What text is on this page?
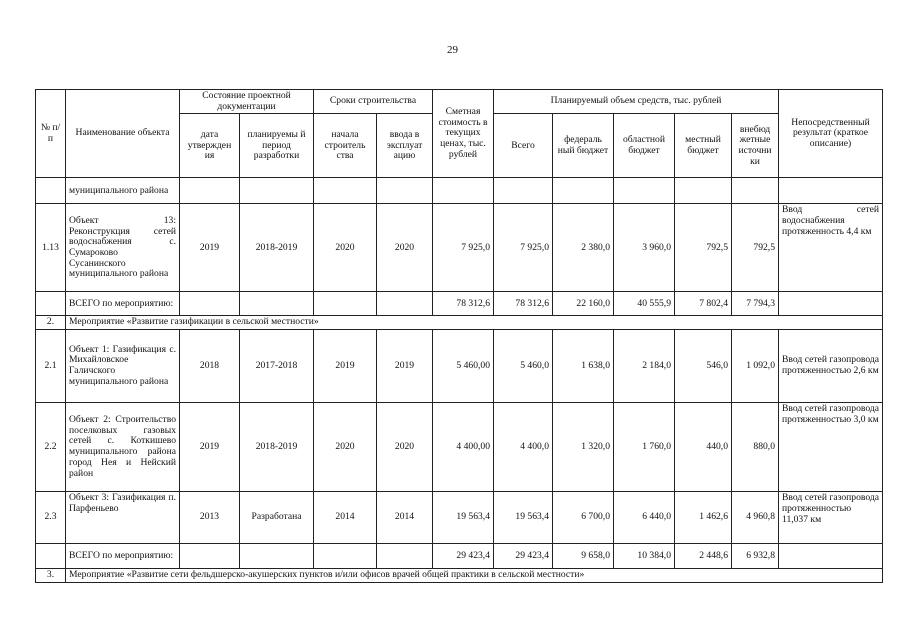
29
№ п/п	Наименование объекта	Состояние проектной документации		Сроки строительства		Сметная стоимость в текущих ценах, тыс. рублей	Планируемый объем средств, тыс. рублей					Непосредственный результат (краткое описание)
		дата утвержден ия	планируемы й период разработки	начала строитель ства	ввода в эксплуат ацию		Всего	федераль ный бюджет	областной бюджет	местный бюджет	внебюд жетные источни ки	
	муниципального района											
1.13	Объект 13: Реконструкция сетей водоснабжения с. Сумароково Сусанинского муниципального района	2019	2018-2019	2020	2020	7 925,0	7 925,0	2 380,0	3 960,0	792,5	792,5	Ввод сетей водоснабжения протяженность 4,4 км
	ВСЕГО по мероприятию:					78 312,6	78 312,6	22 160,0	40 555,9	7 802,4	7 794,3	
2.	Мероприятие «Развитие газификации в сельской местности»											
2.1	Объект 1: Газификация с. Михайловское Галичского муниципального района	2018	2017-2018	2019	2019	5 460,00	5 460,0	1 638,0	2 184,0	546,0	1 092,0	Ввод сетей газопровода протяженностью 2,6 км
2.2	Объект 2: Строительство поселковых газовых сетей с. Коткишево муниципального района город Нея и Нейский район	2019	2018-2019	2020	2020	4 400,00	4 400,0	1 320,0	1 760,0	440,0	880,0	Ввод сетей газопровода протяженностью 3,0 км
2.3	Объект 3: Газификация п. Парфеньево	2013	Разработана	2014	2014	19 563,4	19 563,4	6 700,0	6 440,0	1 462,6	4 960,8	Ввод сетей газопровода протяженностью 11,037 км
	ВСЕГО по мероприятию:					29 423,4	29 423,4	9 658,0	10 384,0	2 448,6	6 932,8	
3.	Мероприятие «Развитие сети фельдшерско-акушерских пунктов и/или офисов врачей общей практики в сельской местности»											
